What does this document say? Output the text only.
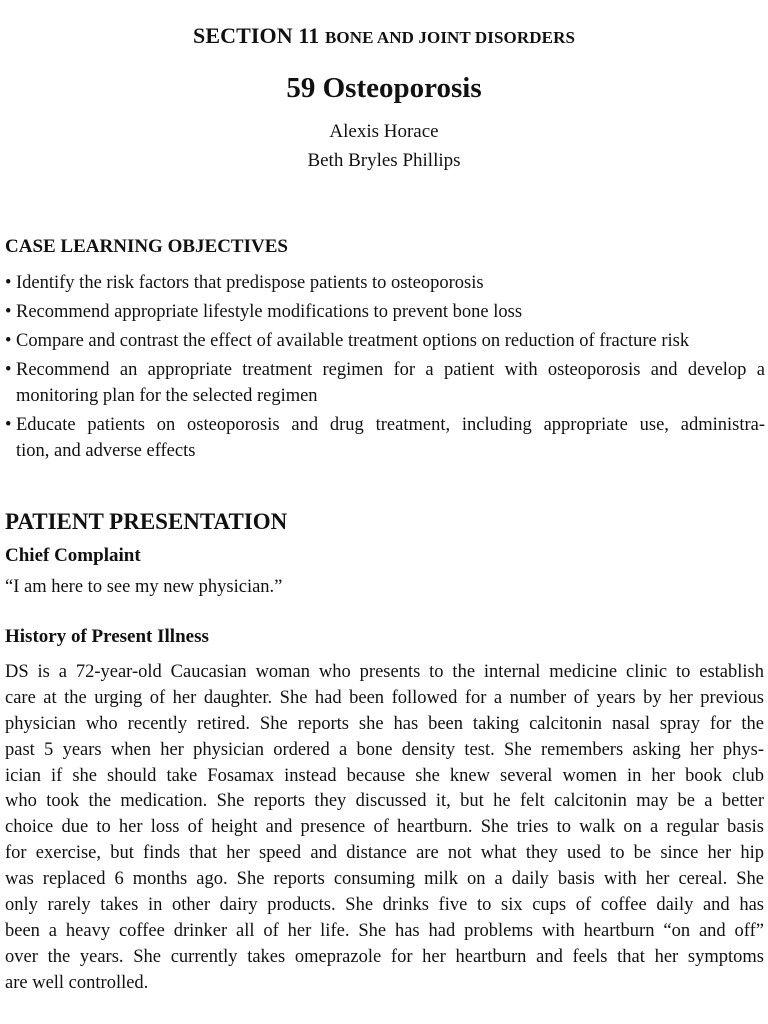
SECTION 11 BONE AND JOINT DISORDERS
59 Osteoporosis
Alexis Horace
Beth Bryles Phillips
CASE LEARNING OBJECTIVES
• Identify the risk factors that predispose patients to osteoporosis
• Recommend appropriate lifestyle modifications to prevent bone loss
• Compare and contrast the effect of available treatment options on reduction of fracture risk
• Recommend an appropriate treatment regimen for a patient with osteoporosis and develop a
monitoring plan for the selected regimen
• Educate patients on osteoporosis and drug treatment, including appropriate use, administra-
tion, and adverse effects
PATIENT PRESENTATION
Chief Complaint
“I am here to see my new physician.”
History of Present Illness
DS is a 72-year-old Caucasian woman who presents to the internal medicine clinic to establish
care at the urging of her daughter. She had been followed for a number of years by her previous
physician who recently retired. She reports she has been taking calcitonin nasal spray for the
past 5 years when her physician ordered a bone density test. She remembers asking her phys-
ician if she should take Fosamax instead because she knew several women in her book club
who took the medication. She reports they discussed it, but he felt calcitonin may be a better
choice due to her loss of height and presence of heartburn. She tries to walk on a regular basis
for exercise, but finds that her speed and distance are not what they used to be since her hip
was replaced 6 months ago. She reports consuming milk on a daily basis with her cereal. She
only rarely takes in other dairy products. She drinks five to six cups of coffee daily and has
been a heavy coffee drinker all of her life. She has had problems with heartburn “on and off”
over the years. She currently takes omeprazole for her heartburn and feels that her symptoms
are well controlled.
